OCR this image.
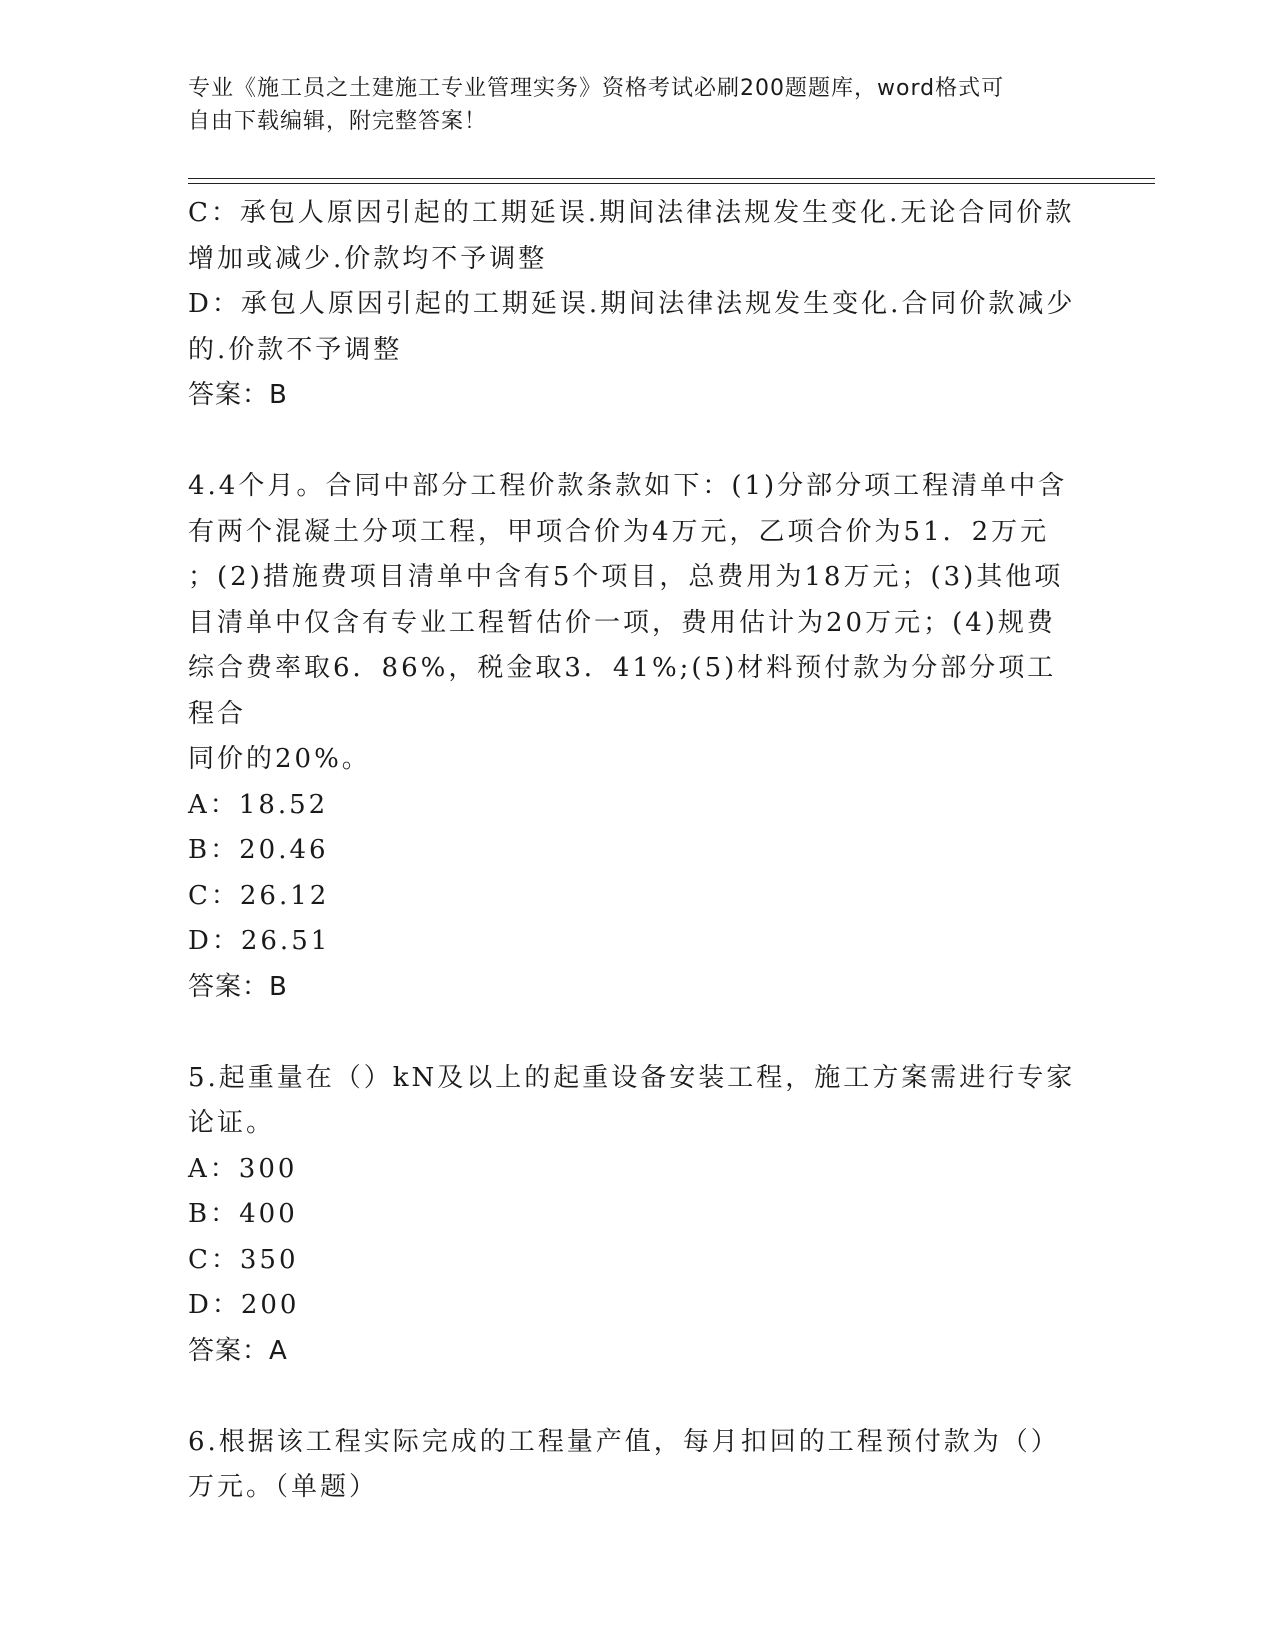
专业《施工员之土建施工专业管理实务》资格考试必刷200题题库，word格式可
自由下载编辑，附完整答案！

C：承包人原因引起的工期延误.期间法律法规发生变化.无论合同价款

增加或减少.价款均不予调整

D：承包人原因引起的工期延误.期间法律法规发生变化.合同价款减少

的.价款不予调整

答案：B

4.4个月。合同中部分工程价款条款如下：(1)分部分项工程清单中含

有两个混凝土分项工程，甲项合价为4万元，乙项合价为51．2万元

；(2)措施费项目清单中含有5个项目，总费用为18万元；(3)其他项

目清单中仅含有专业工程暂估价一项，费用估计为20万元；(4)规费

综合费率取6．86%，税金取3．41%;(5)材料预付款为分部分项工程合

同价的20%。

A：18.52

B：20.46

C：26.12

D：26.51

答案：B

5.起重量在（）kN及以上的起重设备安装工程，施工方案需进行专家

论证。

A：300

B：400

C：350

D：200

答案：A

6.根据该工程实际完成的工程量产值，每月扣回的工程预付款为（）

万元。（单题）
